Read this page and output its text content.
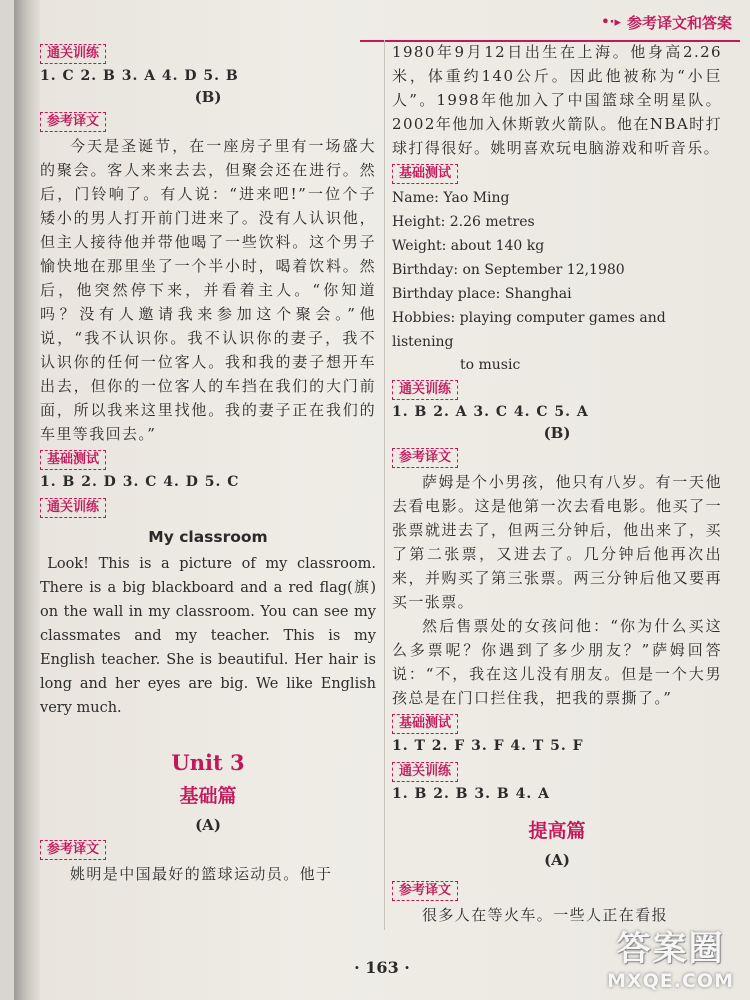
•·▸ 参考译文和答案
通关训练
1. C 2. B 3. A 4. D 5. B
(B)
参考译文

今天是圣诞节，在一座房子里有一场盛大的聚会。客人来来去去，但聚会还在进行。然后，门铃响了。有人说：“进来吧!”一位个子矮小的男人打开前门进来了。没有人认识他，但主人接待他并带他喝了一些饮料。这个男子愉快地在那里坐了一个半小时，喝着饮料。然后，他突然停下来，并看着主人。“你知道吗？没有人邀请我来参加这个聚会。”他说，“我不认识你。我不认识你的妻子，我不认识你的任何一位客人。我和我的妻子想开车出去，但你的一位客人的车挡在我们的大门前面，所以我来这里找他。我的妻子正在我们的车里等我回去。”

基础测试
1. B 2. D 3. C 4. D 5. C
通关训练
My classroom

Look! This is a picture of my classroom. There is a big blackboard and a red flag(旗) on the wall in my classroom. You can see my classmates and my teacher. This is my English teacher. She is beautiful. Her hair is long and her eyes are big. We like English very much.

Unit 3
基础篇
(A)
参考译文

姚明是中国最好的篮球运动员。他于

1980年9月12日出生在上海。他身高2.26米，体重约140公斤。因此他被称为“小巨人”。1998年他加入了中国篮球全明星队。2002年他加入休斯敦火箭队。他在NBA时打球打得很好。姚明喜欢玩电脑游戏和听音乐。

基础测试
Name: Yao Ming
Height: 2.26 metres
Weight: about 140 kg
Birthday: on September 12,1980
Birthday place: Shanghai
Hobbies: playing computer games and listening
to music
通关训练
1. B 2. A 3. C 4. C 5. A
(B)
参考译文

萨姆是个小男孩，他只有八岁。有一天他去看电影。这是他第一次去看电影。他买了一张票就进去了，但两三分钟后，他出来了，买了第二张票，又进去了。几分钟后他再次出来，并购买了第三张票。两三分钟后他又要再买一张票。

然后售票处的女孩问他：“你为什么买这么多票呢？你遇到了多少朋友？”萨姆回答说：“不，我在这儿没有朋友。但是一个大男孩总是在门口拦住我，把我的票撕了。”

基础测试
1. T 2. F 3. F 4. T 5. F
通关训练
1. B 2. B 3. B 4. A
提高篇
(A)
参考译文

很多人在等火车。一些人正在看报

· 163 ·	答案圈
MXQE.COM
